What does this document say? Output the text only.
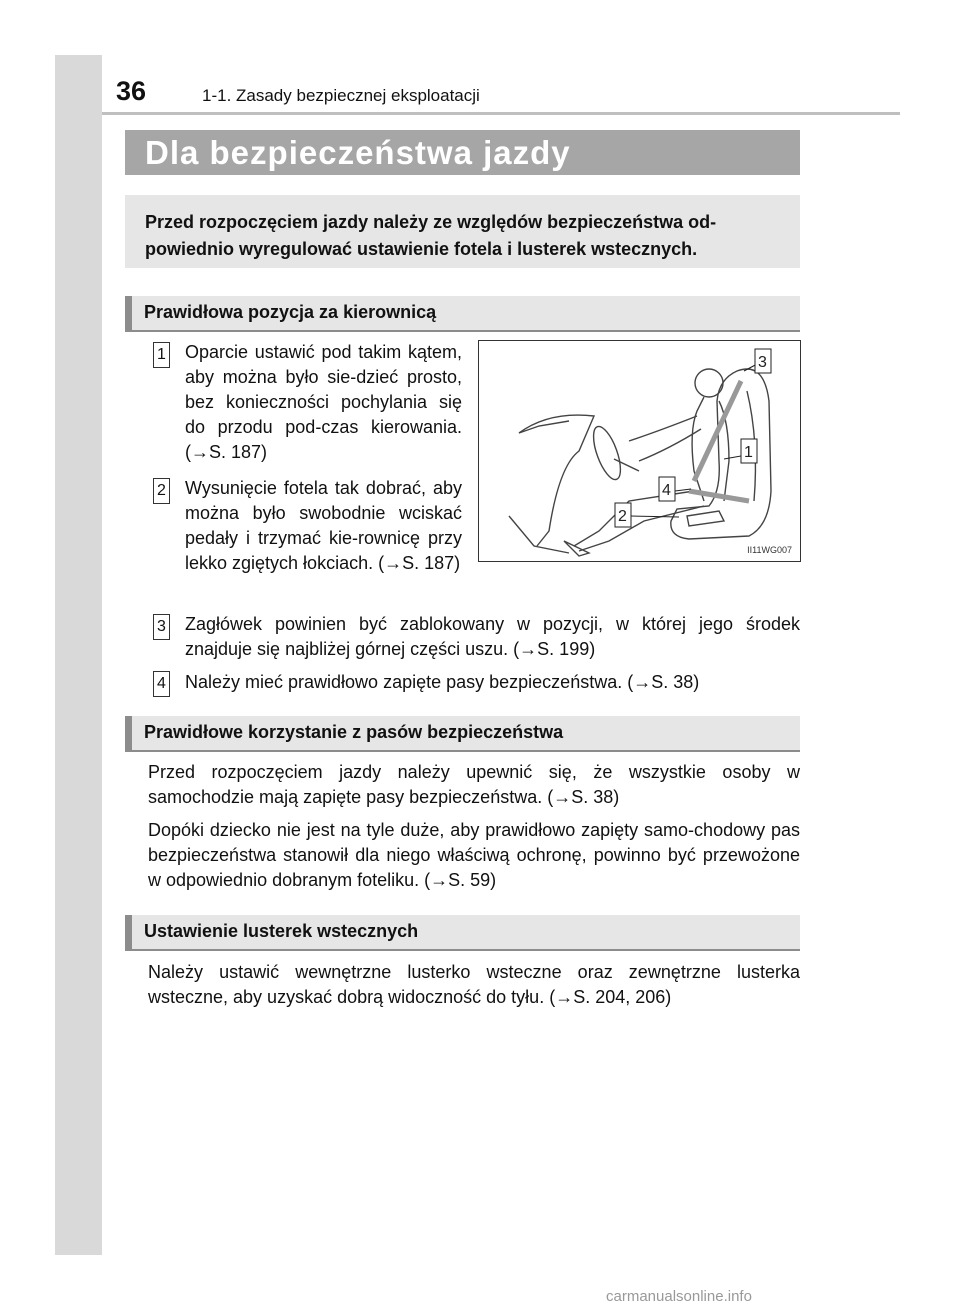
36	1-1. Zasady bezpiecznej eksploatacji
Dla bezpieczeństwa jazdy
Przed rozpoczęciem jazdy należy ze względów bezpieczeństwa od-powiednio wyregulować ustawienie fotela i lusterek wstecznych.
Prawidłowa pozycja za kierownicą
1 Oparcie ustawić pod takim kątem, aby można było sie-dzieć prosto, bez konieczności pochylania się do przodu pod-czas kierowania. (→S. 187)
2 Wysunięcie fotela tak dobrać, aby można było swobodnie wciskać pedały i trzymać kie-rownicę przy lekko zgiętych łokciach. (→S. 187)
1
2
3
4
II11WG007
3 Zagłówek powinien być zablokowany w pozycji, w której jego środek znajduje się najbliżej górnej części uszu. (→S. 199)
4 Należy mieć prawidłowo zapięte pasy bezpieczeństwa. (→S. 38)
Prawidłowe korzystanie z pasów bezpieczeństwa
Przed rozpoczęciem jazdy należy upewnić się, że wszystkie osoby w samochodzie mają zapięte pasy bezpieczeństwa. (→S. 38)
Dopóki dziecko nie jest na tyle duże, aby prawidłowo zapięty samo-chodowy pas bezpieczeństwa stanowił dla niego właściwą ochronę, powinno być przewożone w odpowiednio dobranym foteliku. (→S. 59)
Ustawienie lusterek wstecznych
Należy ustawić wewnętrzne lusterko wsteczne oraz zewnętrzne lusterka wsteczne, aby uzyskać dobrą widoczność do tyłu. (→S. 204, 206)
carmanualsonline.info
